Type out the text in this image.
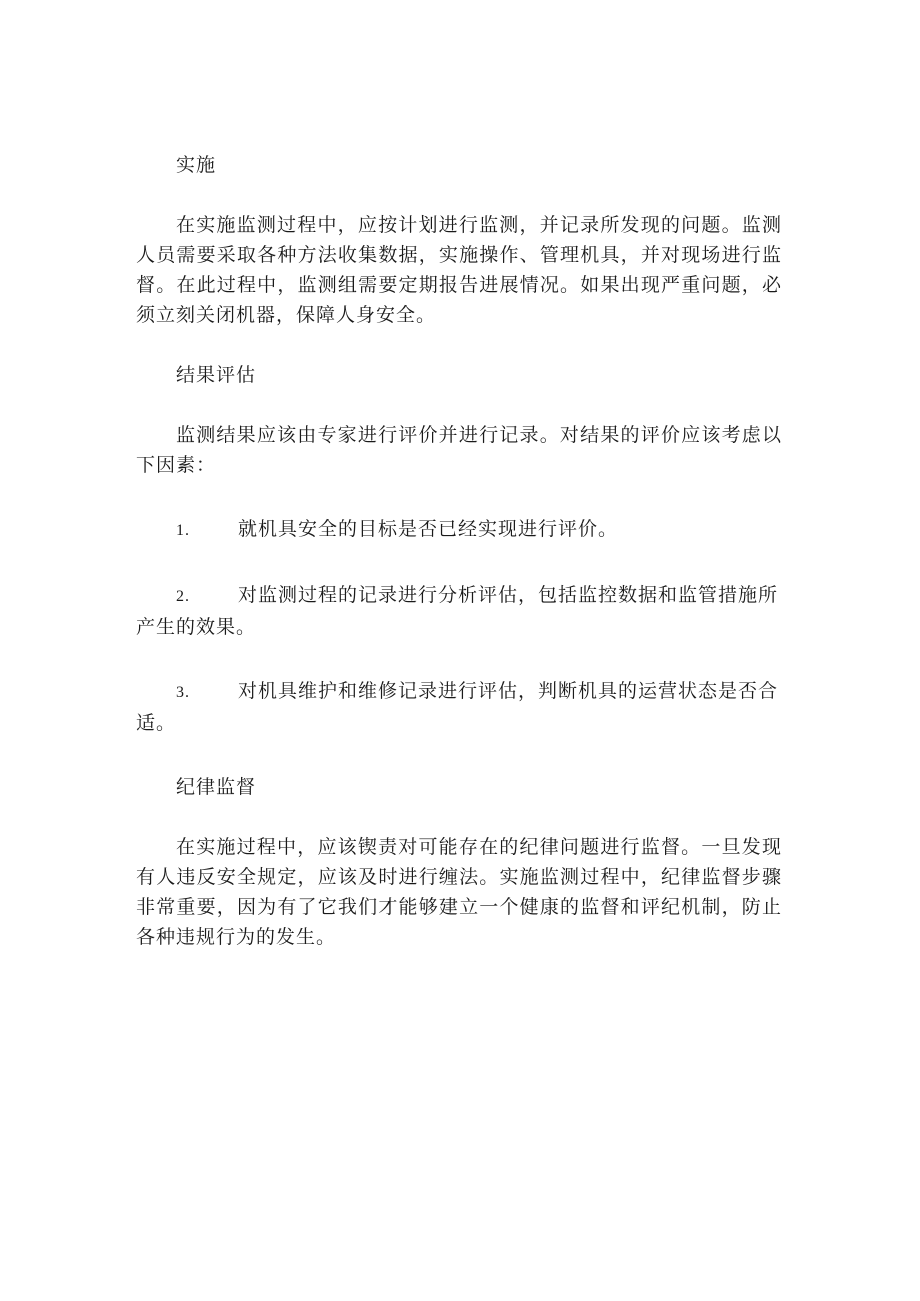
实施

在实施监测过程中，应按计划进行监测，并记录所发现的问题。监测人员需要采取各种方法收集数据，实施操作、管理机具，并对现场进行监督。在此过程中，监测组需要定期报告进展情况。如果出现严重问题，必须立刻关闭机器，保障人身安全。

结果评估

监测结果应该由专家进行评价并进行记录。对结果的评价应该考虑以下因素：

1.	就机具安全的目标是否已经实现进行评价。

2.	对监测过程的记录进行分析评估，包括监控数据和监管措施所产生的效果。

3.	对机具维护和维修记录进行评估，判断机具的运营状态是否合适。

纪律监督

在实施过程中，应该锲责对可能存在的纪律问题进行监督。一旦发现有人违反安全规定，应该及时进行缠法。实施监测过程中，纪律监督步骤非常重要，因为有了它我们才能够建立一个健康的监督和评纪机制，防止各种违规行为的发生。
